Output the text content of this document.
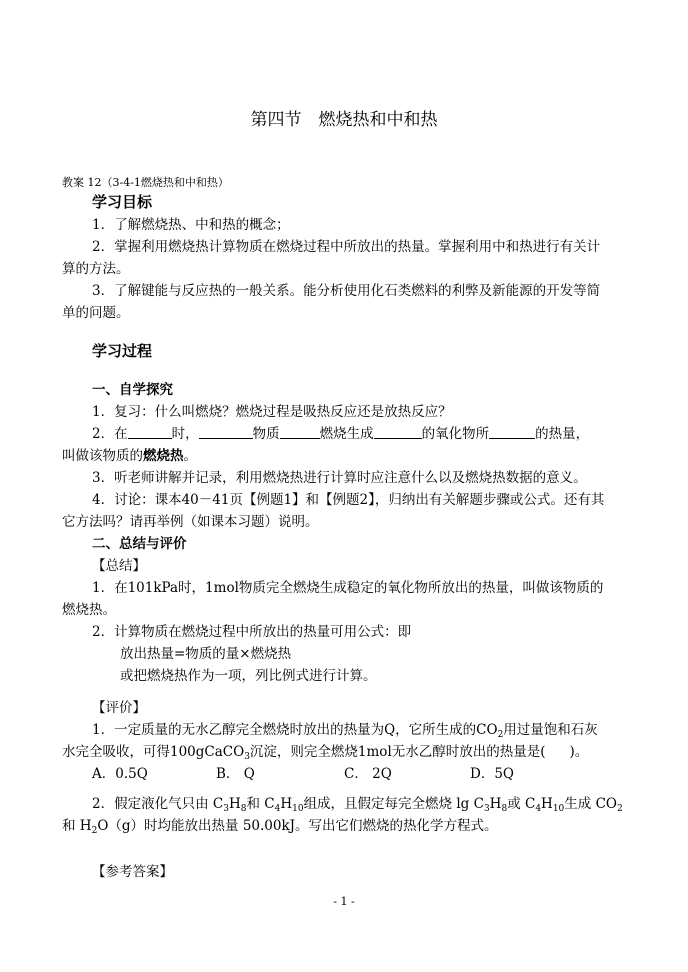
第四节　燃烧热和中和热
教案 12（3-4-1燃烧热和中和热）
学习目标
1．了解燃烧热、中和热的概念；
2．掌握利用燃烧热计算物质在燃烧过程中所放出的热量。掌握利用中和热进行有关计
算的方法。
3．了解键能与反应热的一般关系。能分析使用化石类燃料的利弊及新能源的开发等简
单的问题。
学习过程
一、自学探究
1．复习：什么叫燃烧？燃烧过程是吸热反应还是放热反应？
2．在	时，	物质	燃烧生成	的氧化物所	的热量，
叫做该物质的燃烧热。
3．听老师讲解并记录，利用燃烧热进行计算时应注意什么以及燃烧热数据的意义。
4．讨论：课本40－41页【例题1】和【例题2】，归纳出有关解题步骤或公式。还有其
它方法吗？请再举例（如课本习题）说明。
二、总结与评价
【总结】
1．在101kPa时，1mol物质完全燃烧生成稳定的氧化物所放出的热量，叫做该物质的
燃烧热。
2．计算物质在燃烧过程中所放出的热量可用公式：即
放出热量=物质的量×燃烧热
或把燃烧热作为一项，列比例式进行计算。
【评价】
1．一定质量的无水乙醇完全燃烧时放出的热量为Q，它所生成的$CO_2$用过量饱和石灰
水完全吸收，可得100gCaCO$_3$沉淀，则完全燃烧1mol无水乙醇时放出的热量是( )。
A．0.5Q	B． Q	C． 2Q	D．5Q
2．假定液化气只由 $C_3H_8$和 $C_4H_{10}$组成，且假定每完全燃烧 $\lg C_3H_8$或 $C_4H_{10}$生成 $CO_2$
和 $H_2O(g)$时均能放出热量 50.00kJ。写出它们燃烧的热化学方程式。
【参考答案】
- 1 -
